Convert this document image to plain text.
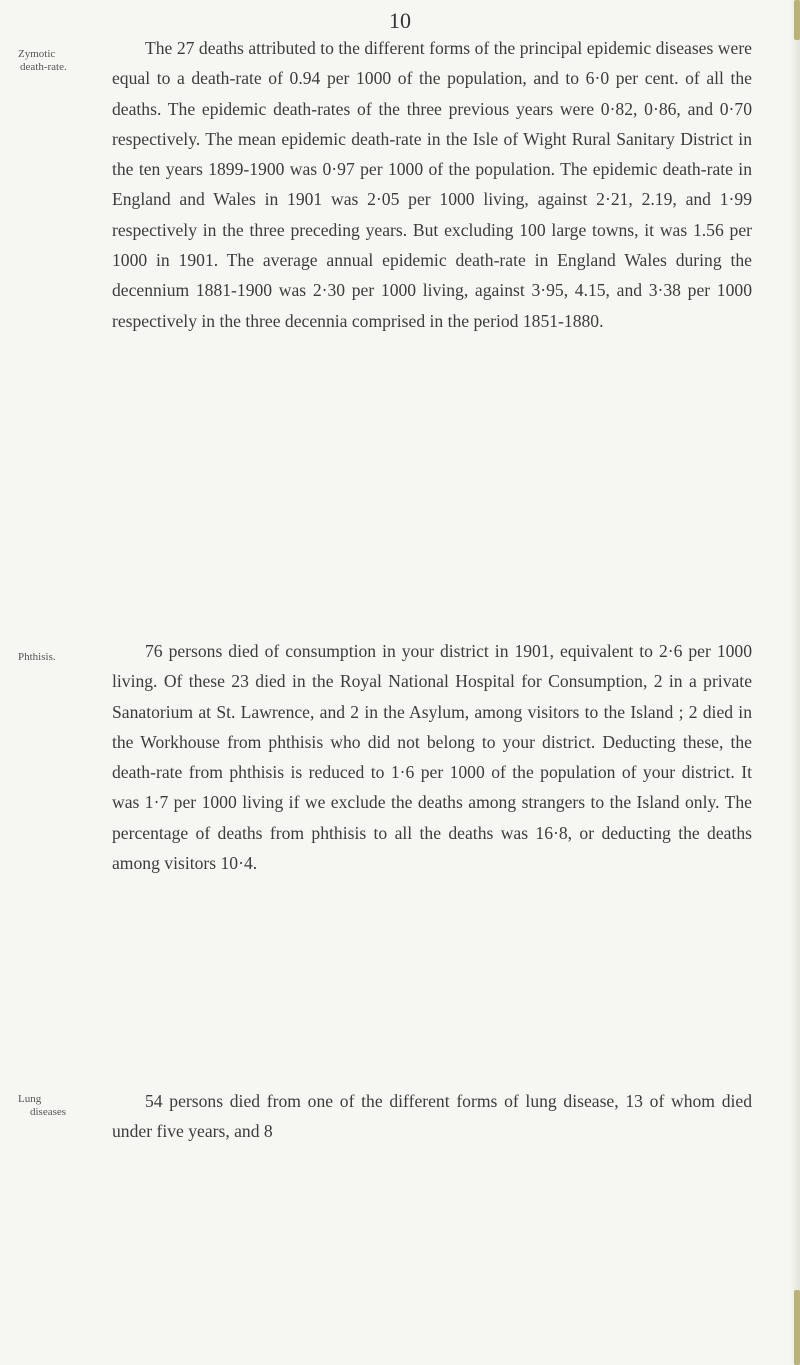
10
Zymotic
death-rate.

The 27 deaths attributed to the different forms of the principal epidemic diseases were equal to a death-rate of 0.94 per 1000 of the population, and to 6·0 per cent. of all the deaths. The epidemic death-rates of the three previous years were 0·82, 0·86, and 0·70 respectively. The mean epidemic death-rate in the Isle of Wight Rural Sanitary District in the ten years 1899-1900 was 0·97 per 1000 of the population. The epidemic death-rate in England and Wales in 1901 was 2·05 per 1000 living, against 2·21, 2.19, and 1·99 respectively in the three preceding years. But excluding 100 large towns, it was 1.56 per 1000 in 1901. The average annual epidemic death-rate in England Wales during the decennium 1881-1900 was 2·30 per 1000 living, against 3·95, 4.15, and 3·38 per 1000 respectively in the three decennia comprised in the period 1851-1880.

Phthisis.	76 persons died of consumption in your district in 1901, equivalent to 2·6 per 1000 living. Of these 23 died in the Royal National Hospital for Consumption, 2 in a private Sanatorium at St. Lawrence, and 2 in the Asylum, among visitors to the Island ; 2 died in the Workhouse from phthisis who did not belong to your district. Deducting these, the death-rate from phthisis is reduced to 1·6 per 1000 of the population of your district. It was 1·7 per 1000 living if we exclude the deaths among strangers to the Island only. The percentage of deaths from phthisis to all the deaths was 16·8, or deducting the deaths among visitors 10·4.

Lung
diseases

54 persons died from one of the different forms of lung disease, 13 of whom died under five years, and 8
